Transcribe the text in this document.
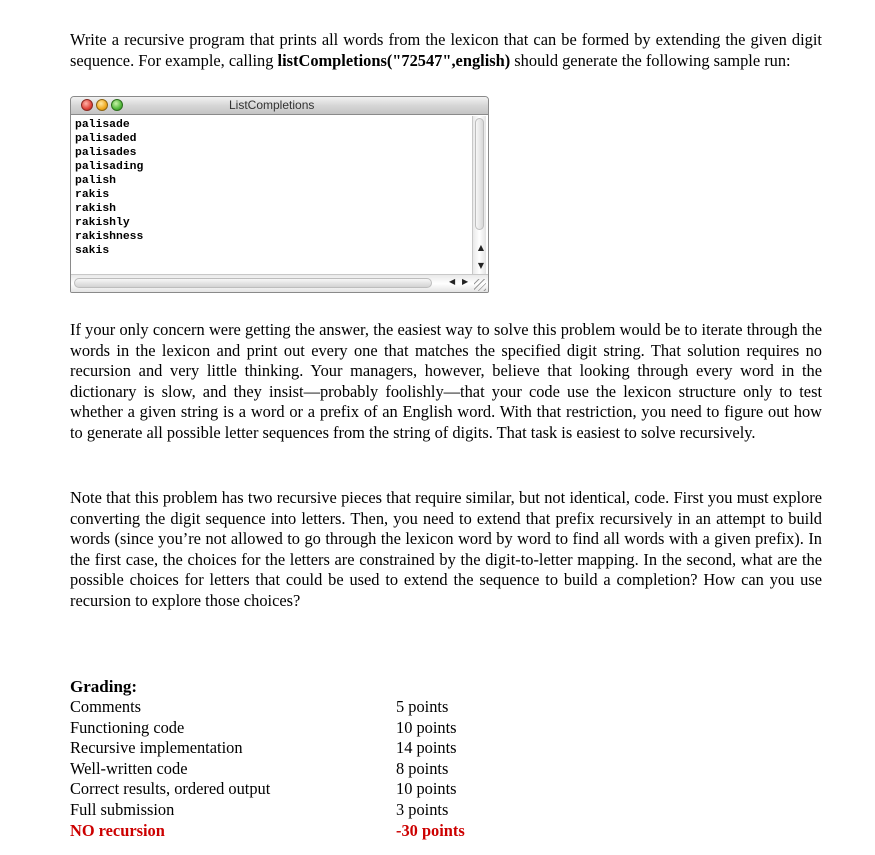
Write a recursive program that prints all words from the lexicon that can be formed by extending the given digit sequence. For example, calling listCompletions("72547",english) should generate the following sample run:

ListCompletions
palisade
palisaded
palisades
palisading
palish
rakis
rakish
rakishly
rakishness
sakis	▲
▼
◀ ▶

If your only concern were getting the answer, the easiest way to solve this problem would be to iterate through the words in the lexicon and print out every one that matches the specified digit string. That solution requires no recursion and very little thinking. Your managers, however, believe that looking through every word in the dictionary is slow, and they insist—probably foolishly—that your code use the lexicon structure only to test whether a given string is a word or a prefix of an English word. With that restriction, you need to figure out how to generate all possible letter sequences from the string of digits. That task is easiest to solve recursively.

Note that this problem has two recursive pieces that require similar, but not identical, code. First you must explore converting the digit sequence into letters. Then, you need to extend that prefix recursively in an attempt to build words (since you’re not allowed to go through the lexicon word by word to find all words with a given prefix). In the first case, the choices for the letters are constrained by the digit-to-letter mapping. In the second, what are the possible choices for letters that could be used to extend the sequence to build a completion? How can you use recursion to explore those choices?

Grading:
Comments	5 points
Functioning code	10 points
Recursive implementation	14 points
Well-written code	8 points
Correct results, ordered output	10 points
Full submission	3 points
NO recursion	-30 points
